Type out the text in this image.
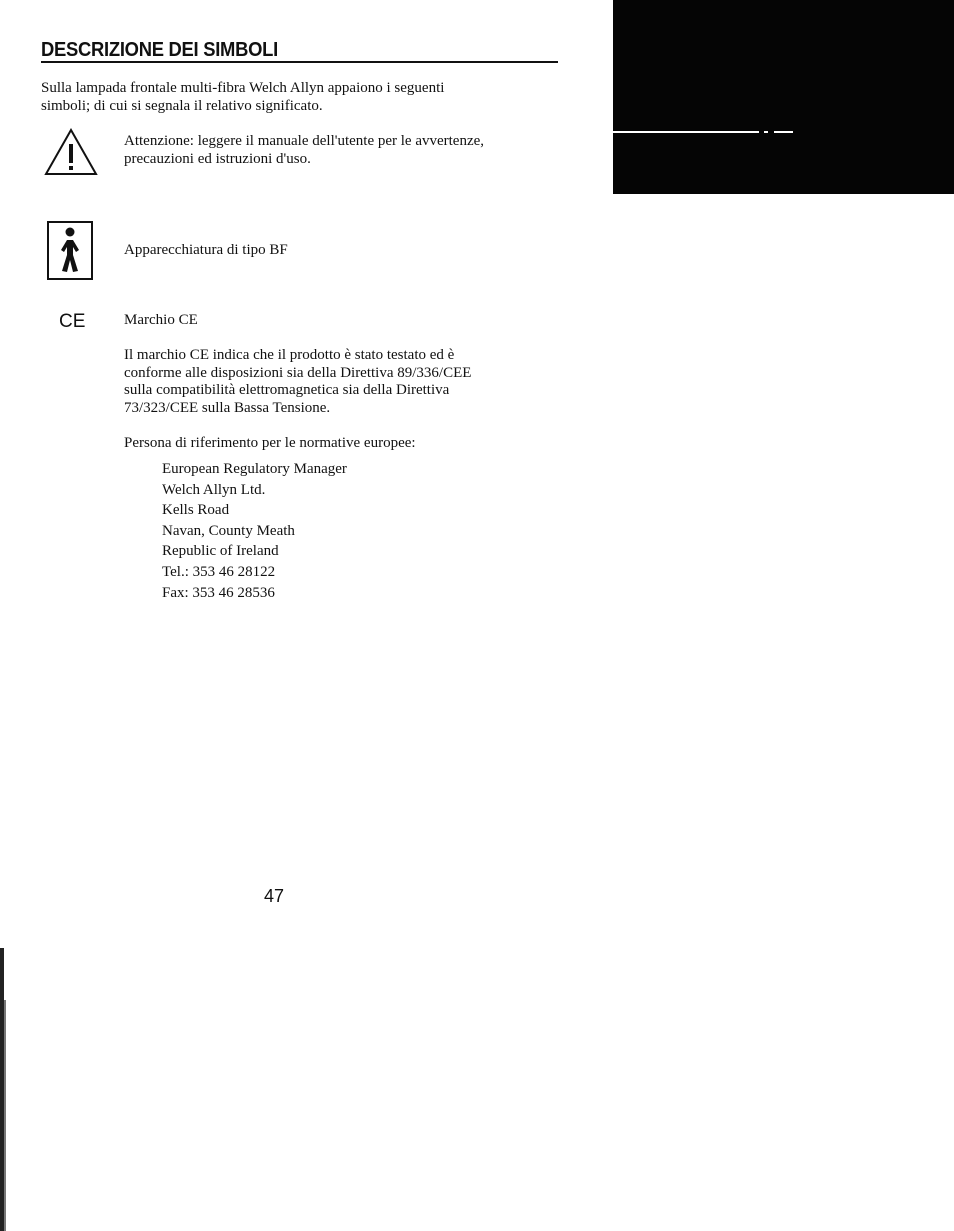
DESCRIZIONE DEI SIMBOLI

Sulla lampada frontale multi-fibra Welch Allyn appaiono i seguenti
simboli; di cui si segnala il relativo significato.

Attenzione: leggere il manuale dell'utente per le avvertenze,
precauzioni ed istruzioni d'uso.

Apparecchiatura di tipo BF

CE	Marchio CE

Il marchio CE indica che il prodotto è stato testato ed è
conforme alle disposizioni sia della Direttiva 89/336/CEE
sulla compatibilità elettromagnetica sia della Direttiva
73/323/CEE sulla Bassa Tensione.

Persona di riferimento per le normative europee:

European Regulatory Manager
Welch Allyn Ltd.
Kells Road
Navan, County Meath
Republic of Ireland
Tel.: 353 46 28122
Fax: 353 46 28536
47
